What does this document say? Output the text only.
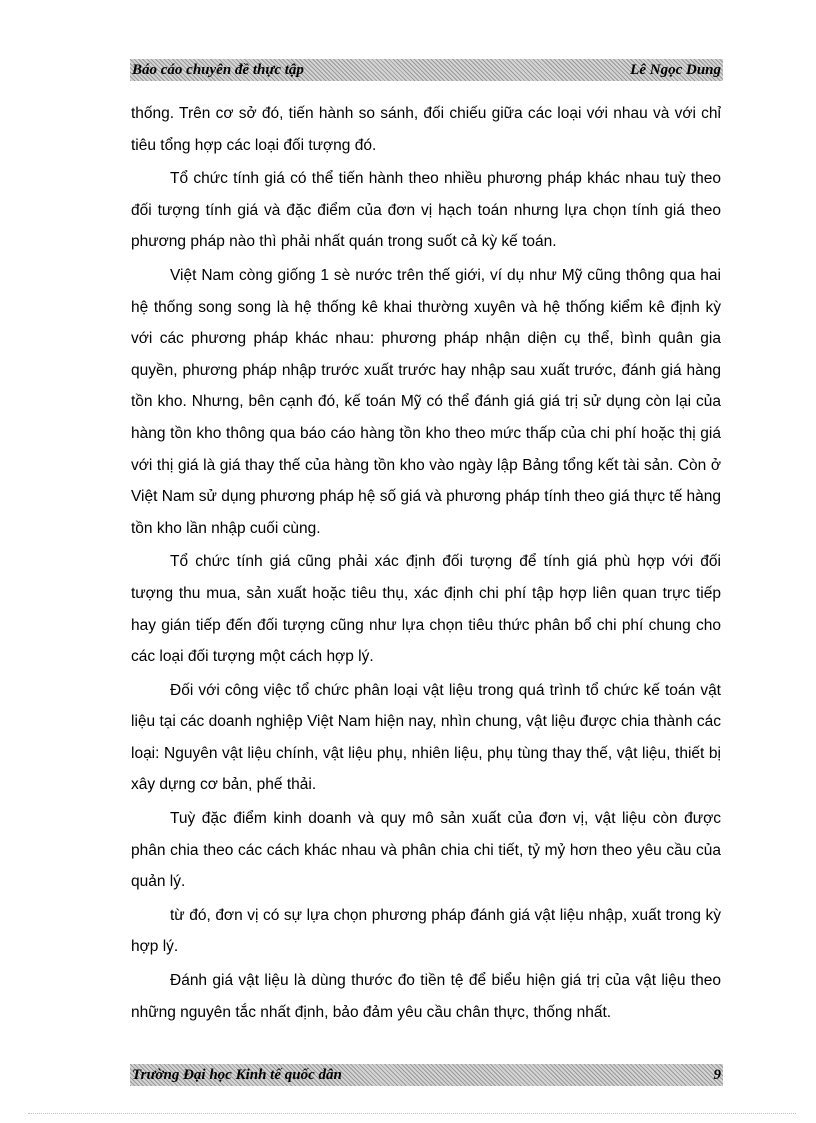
Báo cáo chuyên đề thực tập	Lê Ngọc Dung

thống. Trên cơ sở đó, tiến hành so sánh, đối chiếu giữa các loại với nhau và với chỉ tiêu tổng hợp các loại đối tượng đó.

Tổ chức tính giá có thể tiến hành theo nhiều phương pháp khác nhau tuỳ theo đối tượng tính giá và đặc điểm của đơn vị hạch toán nhưng lựa chọn tính giá theo phương pháp nào thì phải nhất quán trong suốt cả kỳ kế toán.

Việt Nam còng giống 1 sè nước trên thế giới, ví dụ như Mỹ cũng thông qua hai hệ thống song song là hệ thống kê khai thường xuyên và hệ thống kiểm kê định kỳ với các phương pháp khác nhau: phương pháp nhận diện cụ thể, bình quân gia quyền, phương pháp nhập trước xuất trước hay nhập sau xuất trước, đánh giá hàng tồn kho. Nhưng, bên cạnh đó, kế toán Mỹ có thể đánh giá giá trị sử dụng còn lại của hàng tồn kho thông qua báo cáo hàng tồn kho theo mức thấp của chi phí hoặc thị giá với thị giá là giá thay thế của hàng tồn kho vào ngày lập Bảng tổng kết tài sản. Còn ở Việt Nam sử dụng phương pháp hệ số giá và phương pháp tính theo giá thực tế hàng tồn kho lần nhập cuối cùng.

Tổ chức tính giá cũng phải xác định đối tượng để tính giá phù hợp với đối tượng thu mua, sản xuất hoặc tiêu thụ, xác định chi phí tập hợp liên quan trực tiếp hay gián tiếp đến đối tượng cũng như lựa chọn tiêu thức phân bổ chi phí chung cho các loại đối tượng một cách hợp lý.

Đối với công việc tổ chức phân loại vật liệu trong quá trình tổ chức kế toán vật liệu tại các doanh nghiệp Việt Nam hiện nay, nhìn chung, vật liệu được chia thành các loại: Nguyên vật liệu chính, vật liệu phụ, nhiên liệu, phụ tùng thay thế, vật liệu, thiết bị xây dựng cơ bản, phế thải.

Tuỳ đặc điểm kinh doanh và quy mô sản xuất của đơn vị, vật liệu còn được phân chia theo các cách khác nhau và phân chia chi tiết, tỷ mỷ hơn theo yêu cầu của quản lý.

từ đó, đơn vị có sự lựa chọn phương pháp đánh giá vật liệu nhập, xuất trong kỳ hợp lý.

Đánh giá vật liệu là dùng thước đo tiền tệ để biểu hiện giá trị của vật liệu theo những nguyên tắc nhất định, bảo đảm yêu cầu chân thực, thống nhất.

Trường Đại học Kinh tế quốc dân	9
